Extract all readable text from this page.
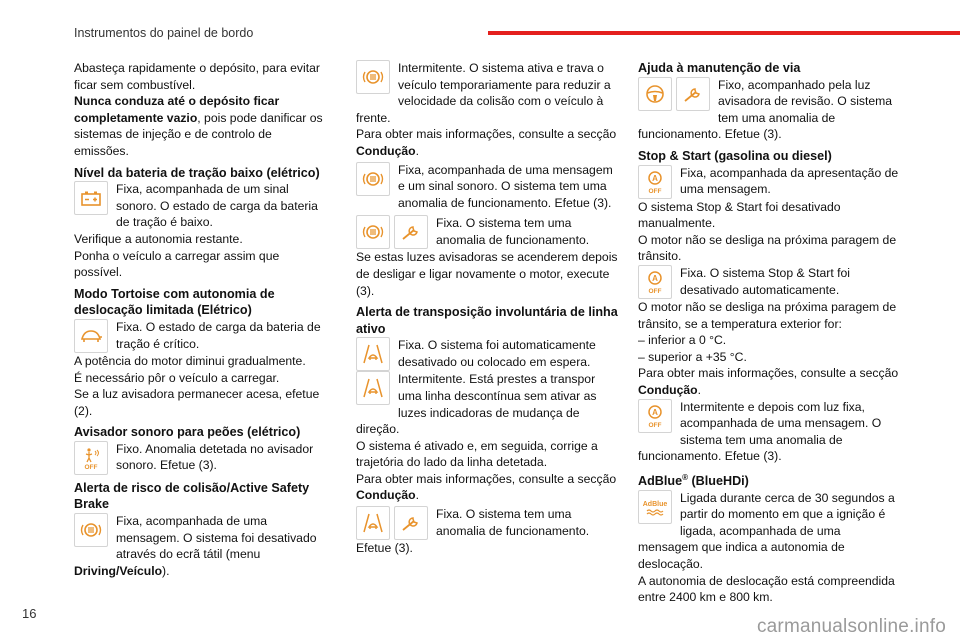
Instrumentos do painel de bordo

Abasteça rapidamente o depósito, para evitar ficar sem combustível.
Nunca conduza até o depósito ficar completamente vazio, pois pode danificar os sistemas de injeção e de controlo de emissões.

Nível da bateria de tração baixo (elétrico)
Fixa, acompanhada de um sinal sonoro. O estado de carga da bateria de tração é baixo.

Verifique a autonomia restante.

Ponha o veículo a carregar assim que possível.

Modo Tortoise com autonomia de deslocação limitada (Elétrico)
Fixa. O estado de carga da bateria de tração é crítico.

A potência do motor diminui gradualmente.

É necessário pôr o veículo a carregar.

Se a luz avisadora permanecer acesa, efetue (2).

Avisador sonoro para peões (elétrico)
OFF
Fixo. Anomalia detetada no avisador sonoro. Efetue (3).
Alerta de risco de colisão/Active Safety Brake
Fixa, acompanhada de uma mensagem. O sistema foi desativado através do ecrã tátil (menu Driving/Veículo).
Intermitente. O sistema ativa e trava o veículo temporariamente para reduzir a velocidade da colisão com o veículo à frente.

Para obter mais informações, consulte a secção Condução.

Fixa, acompanhada de uma mensagem e um sinal sonoro. O sistema tem uma anomalia de funcionamento. Efetue (3).
Fixa. O sistema tem uma anomalia de funcionamento.

Se estas luzes avisadoras se acenderem depois de desligar e ligar novamente o motor, execute (3).

Alerta de transposição involuntária de linha ativo
Fixa. O sistema foi automaticamente desativado ou colocado em espera.
Intermitente. Está prestes a transpor uma linha descontínua sem ativar as luzes indicadoras de mudança de direção.

O sistema é ativado e, em seguida, corrige a trajetória do lado da linha detetada.

Para obter mais informações, consulte a secção Condução.

Fixa. O sistema tem uma anomalia de funcionamento.

Efetue (3).

Ajuda à manutenção de via
Fixo, acompanhado pela luz avisadora de revisão. O sistema tem uma anomalia de funcionamento. Efetue (3).
Stop & Start (gasolina ou diesel)
A
OFF
Fixa, acompanhada da apresentação de uma mensagem.

O sistema Stop & Start foi desativado manualmente.

O motor não se desliga na próxima paragem de trânsito.

A
OFF
Fixa. O sistema Stop & Start foi desativado automaticamente.

O motor não se desliga na próxima paragem de trânsito, se a temperatura exterior for:

– inferior a 0 °C.

– superior a +35 °C.

Para obter mais informações, consulte a secção Condução.

A
OFF
Intermitente e depois com luz fixa, acompanhada de uma mensagem. O sistema tem uma anomalia de funcionamento. Efetue (3).
AdBlue® (BlueHDi)
AdBlue	Ligada durante cerca de 30 segundos a partir do momento em que a ignição é ligada, acompanhada de uma mensagem que indica a autonomia de deslocação.

A autonomia de deslocação está compreendida entre 2400 km e 800 km.

16
carmanualsonline.info
